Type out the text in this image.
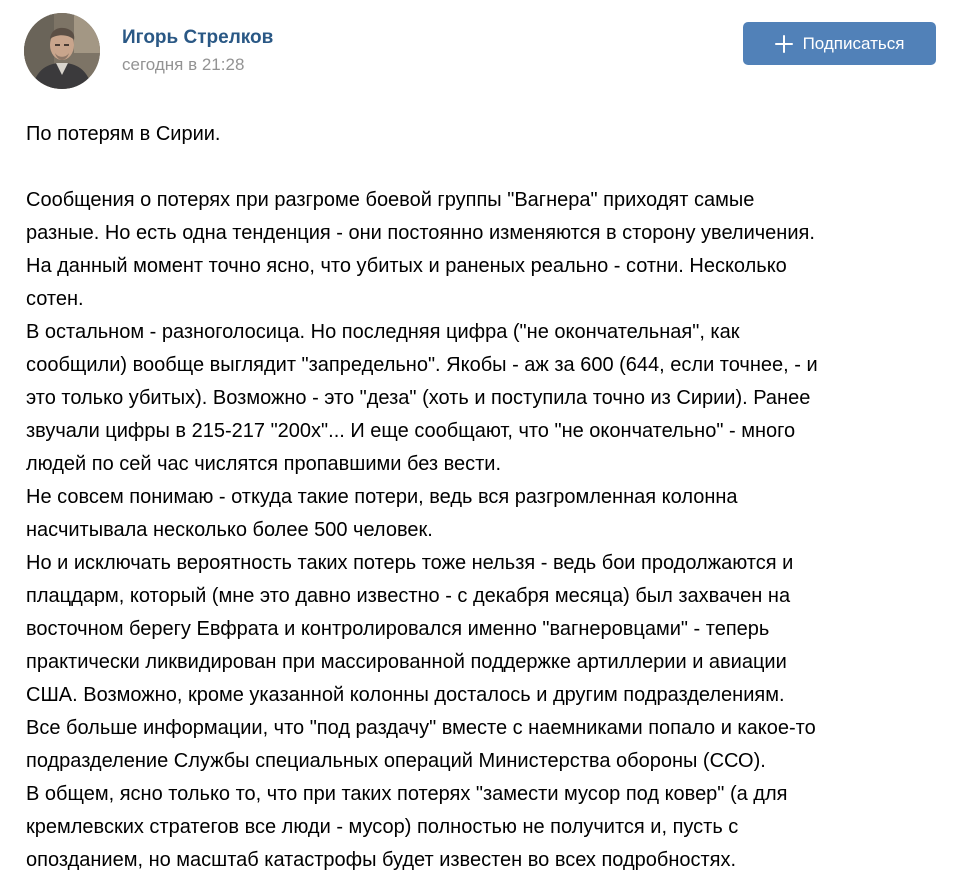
Игорь Стрелков
сегодня в 21:28
Подписаться

По потерям в Сирии.

Сообщения о потерях при разгроме боевой группы "Вагнера" приходят самые

разные. Но есть одна тенденция - они постоянно изменяются в сторону увеличения.

На данный момент точно ясно, что убитых и раненых реально - сотни. Несколько

сотен.

В остальном - разноголосица. Но последняя цифра ("не окончательная", как

сообщили) вообще выглядит "запредельно". Якобы - аж за 600 (644, если точнее, - и

это только убитых). Возможно - это "деза" (хоть и поступила точно из Сирии). Ранее

звучали цифры в 215-217 "200х"... И еще сообщают, что "не окончательно" - много

людей по сей час числятся пропавшими без вести.

Не совсем понимаю - откуда такие потери, ведь вся разгромленная колонна

насчитывала несколько более 500 человек.

Но и исключать вероятность таких потерь тоже нельзя - ведь бои продолжаются и

плацдарм, который (мне это давно известно - с декабря месяца) был захвачен на

восточном берегу Евфрата и контролировался именно "вагнеровцами" - теперь

практически ликвидирован при массированной поддержке артиллерии и авиации

США. Возможно, кроме указанной колонны досталось и другим подразделениям.

Все больше информации, что "под раздачу" вместе с наемниками попало и какое-то

подразделение Службы специальных операций Министерства обороны (ССО).

В общем, ясно только то, что при таких потерях "замести мусор под ковер" (а для

кремлевских стратегов все люди - мусор) полностью не получится и, пусть с

опозданием, но масштаб катастрофы будет известен во всех подробностях.
